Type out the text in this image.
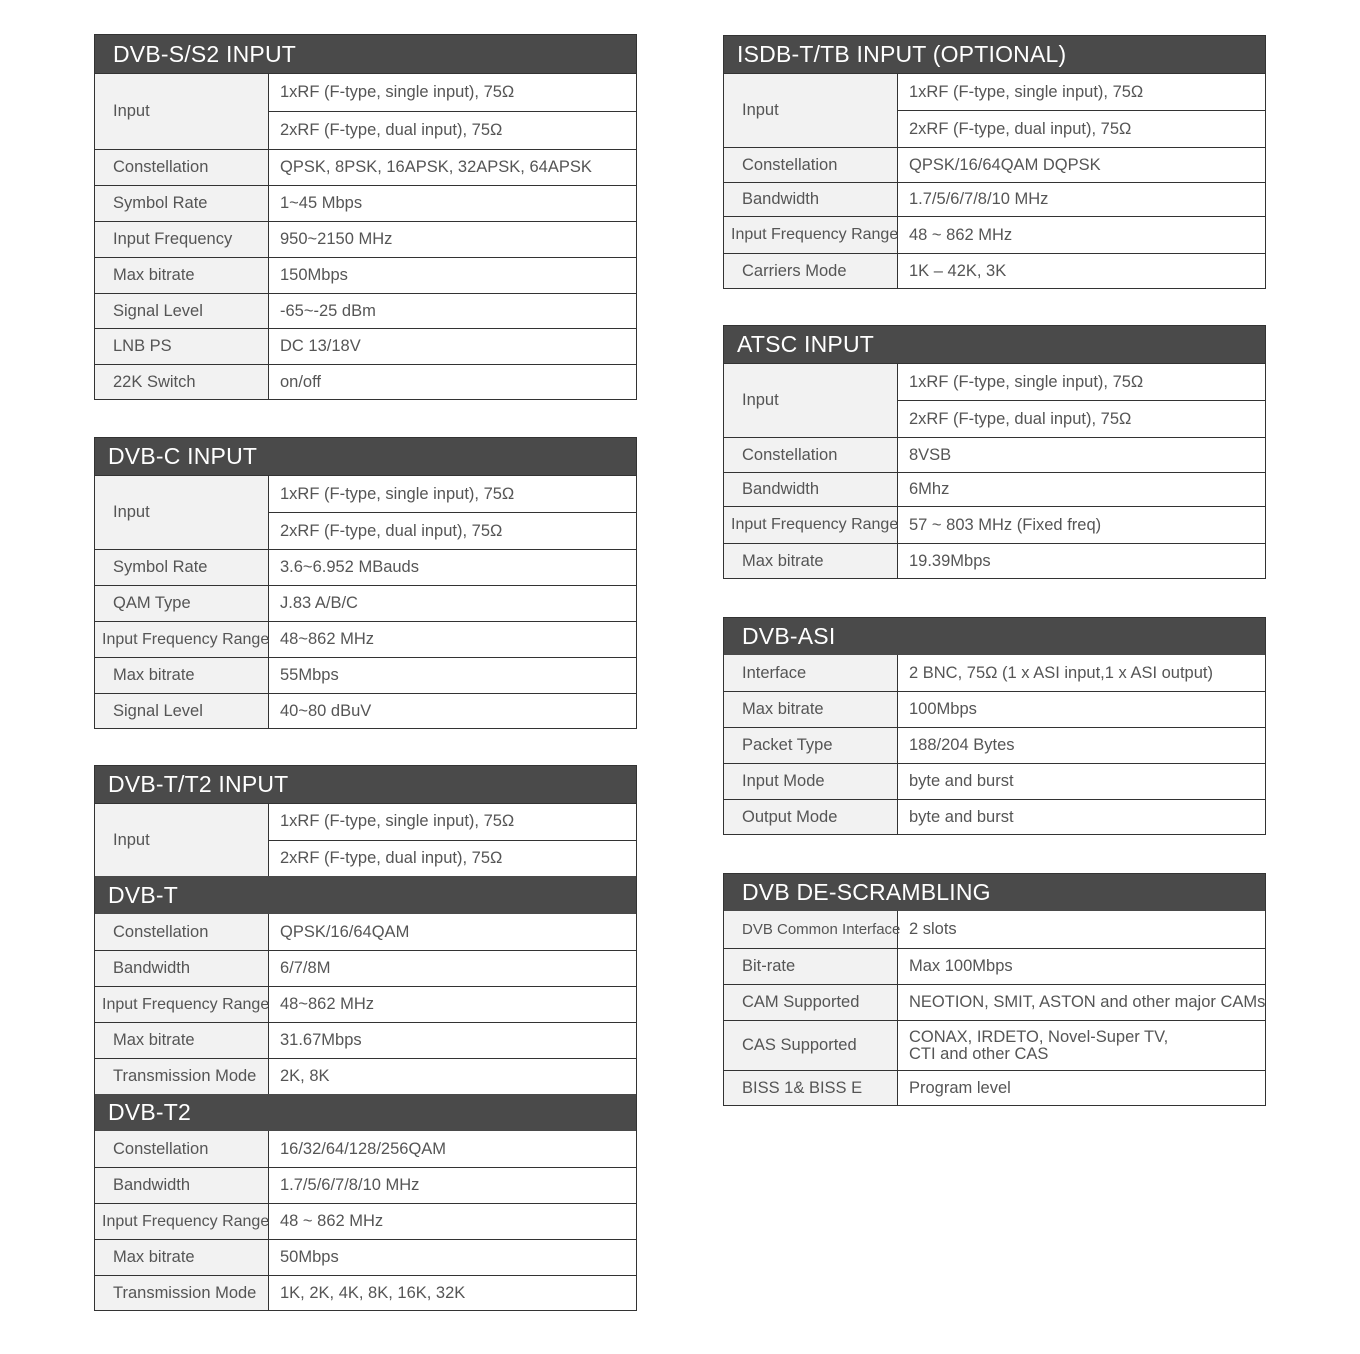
DVB-S/S2 INPUT
Input
1xRF (F-type, single input), 75Ω
2xRF (F-type, dual input), 75Ω
Constellation	QPSK, 8PSK, 16APSK, 32APSK, 64APSK
Symbol Rate	1~45 Mbps
Input Frequency	950~2150 MHz
Max bitrate	150Mbps
Signal Level	-65~-25 dBm
LNB PS	DC 13/18V
22K Switch	on/off
DVB-C INPUT
Input
1xRF (F-type, single input), 75Ω
2xRF (F-type, dual input), 75Ω
Symbol Rate	3.6~6.952 MBauds
QAM Type	J.83 A/B/C
Input Frequency Range 48~862 MHz
Max bitrate	55Mbps
Signal Level	40~80 dBuV
DVB-T/T2 INPUT
Input
1xRF (F-type, single input), 75Ω
2xRF (F-type, dual input), 75Ω
DVB-T
Constellation	QPSK/16/64QAM
Bandwidth	6/7/8M
Input Frequency Range 48~862 MHz
Max bitrate	31.67Mbps
Transmission Mode	2K, 8K
DVB-T2
Constellation	16/32/64/128/256QAM
Bandwidth	1.7/5/6/7/8/10 MHz
Input Frequency Range 48 ~ 862 MHz
Max bitrate	50Mbps
Transmission Mode	1K, 2K, 4K, 8K, 16K, 32K
ISDB-T/TB INPUT (OPTIONAL)
Input
1xRF (F-type, single input), 75Ω
2xRF (F-type, dual input), 75Ω
Constellation	QPSK/16/64QAM DQPSK
Bandwidth	1.7/5/6/7/8/10 MHz
Input Frequency Range 48 ~ 862 MHz
Carriers Mode	1K – 42K, 3K
ATSC INPUT
Input
1xRF (F-type, single input), 75Ω
2xRF (F-type, dual input), 75Ω
Constellation	8VSB
Bandwidth	6Mhz
Input Frequency Range 57 ~ 803 MHz (Fixed freq)
Max bitrate	19.39Mbps
DVB-ASI
Interface	2 BNC, 75Ω (1 x ASI input,1 x ASI output)
Max bitrate	100Mbps
Packet Type	188/204 Bytes
Input Mode	byte and burst
Output Mode	byte and burst
DVB DE-SCRAMBLING
DVB Common Interface 2 slots
Bit-rate	Max 100Mbps
CAM Supported	NEOTION, SMIT, ASTON and other major CAMs
CAS Supported	CONAX, IRDETO, Novel-Super TV, CTI and other CAS
BISS 1& BISS E	Program level
